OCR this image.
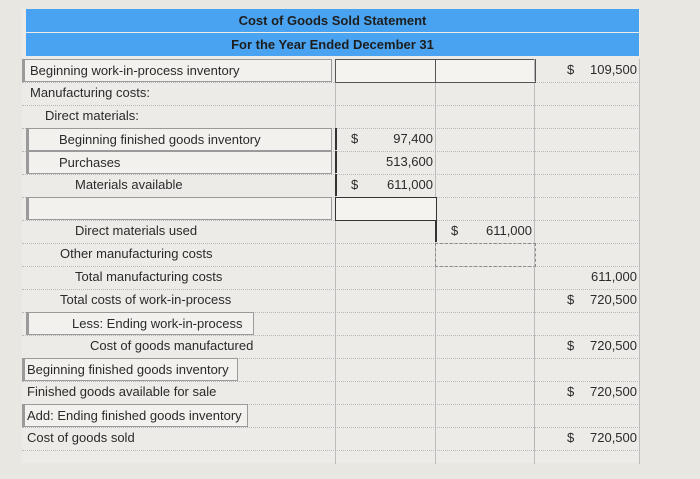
Cost of Goods Sold Statement
For the Year Ended December 31
Beginning work-in-process inventory	$ 109,500
Manufacturing costs:
Direct materials:
Beginning finished goods inventory	$	97,400
Purchases	513,600
Materials available	$ 611,000
Direct materials used	$ 611,000
Other manufacturing costs
Total manufacturing costs	611,000
Total costs of work-in-process	$ 720,500
Less: Ending work-in-process
Cost of goods manufactured	$ 720,500
Beginning finished goods inventory
Finished goods available for sale	$ 720,500
Add: Ending finished goods inventory
Cost of goods sold	$ 720,500
